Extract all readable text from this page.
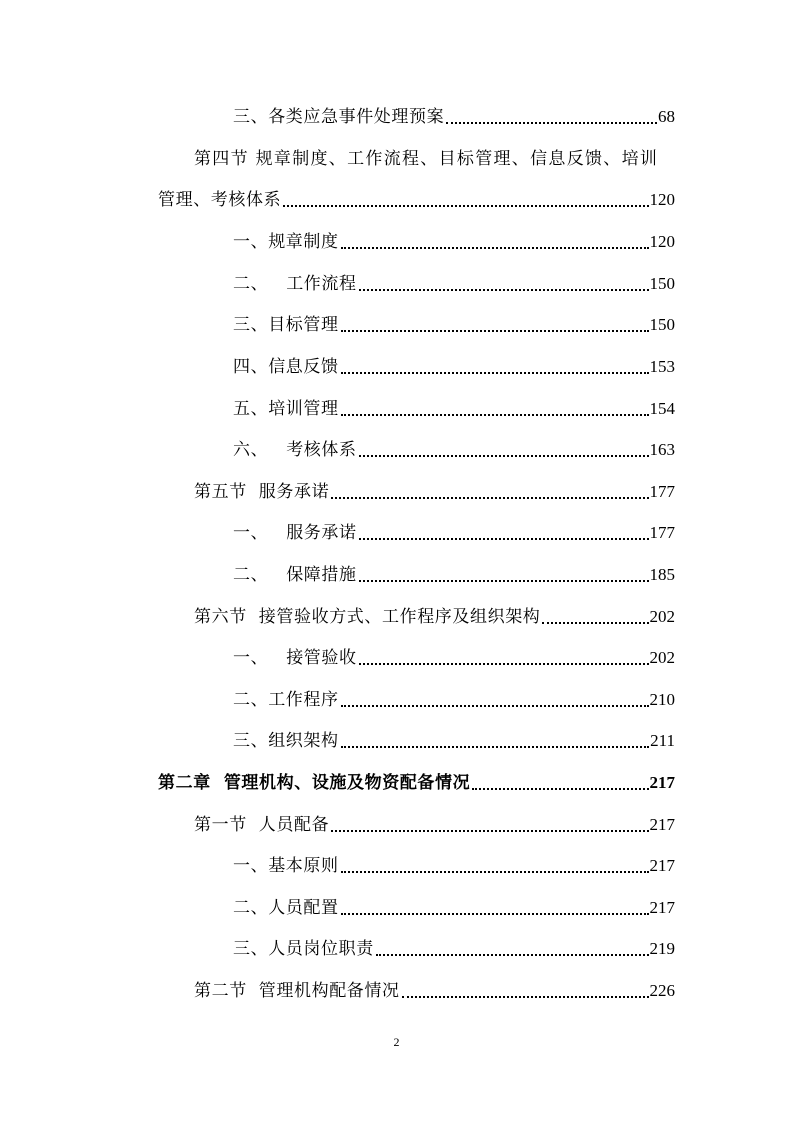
三、各类应急事件处理预案	68
第四节 规章制度、工作流程、目标管理、信息反馈、培训
管理、考核体系	120
一、规章制度	120
二、   工作流程	150
三、目标管理	150
四、信息反馈	153
五、培训管理	154
六、   考核体系	163
第五节  服务承诺	177
一、   服务承诺	177
二、   保障措施	185
第六节  接管验收方式、工作程序及组织架构	202
一、   接管验收	202
二、工作程序	210
三、组织架构	211
第二章  管理机构、设施及物资配备情况	217
第一节  人员配备	217
一、基本原则	217
二、人员配置	217
三、人员岗位职责	219
第二节  管理机构配备情况	226
2
